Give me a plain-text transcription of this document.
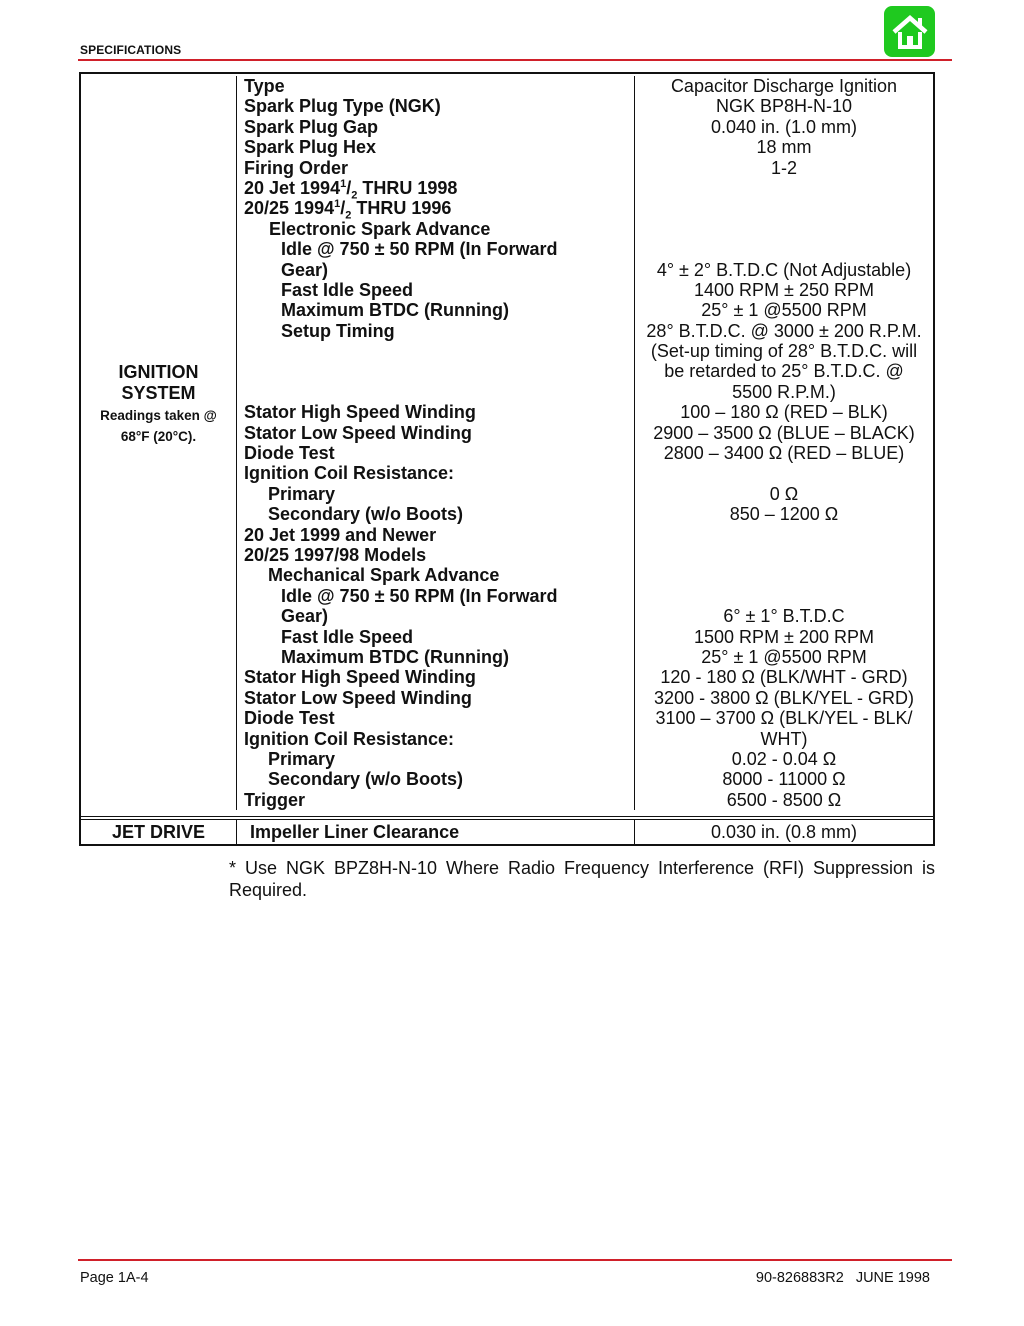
SPECIFICATIONS
IGNITION
SYSTEM
Readings taken @
68°F (20°C).
Type
Spark Plug Type (NGK)
Spark Plug Gap
Spark Plug Hex
Firing Order
20 Jet $1994^1/_2$ THRU 1998
20/25 $1994^1/_2$ THRU 1996
Electronic Spark Advance
Idle @ 750 ± 50 RPM (In Forward
Gear)
Fast Idle Speed
Maximum BTDC (Running)
Setup Timing
Stator High Speed Winding
Stator Low Speed Winding
Diode Test
Ignition Coil Resistance:
Primary
Secondary (w/o Boots)
20 Jet 1999 and Newer
20/25 1997/98 Models
Mechanical Spark Advance
Idle @ 750 ± 50 RPM (In Forward
Gear)
Fast Idle Speed
Maximum BTDC (Running)
Stator High Speed Winding
Stator Low Speed Winding
Diode Test
Ignition Coil Resistance:
Primary
Secondary (w/o Boots)
Trigger
Capacitor Discharge Ignition
NGK BP8H-N-10
0.040 in. (1.0 mm)
18 mm
1-2
4° ± 2° B.T.D.C (Not Adjustable)
1400 RPM ± 250 RPM
25° ± 1 @5500 RPM
28° B.T.D.C. @ 3000 ± 200 R.P.M.
(Set-up timing of 28° B.T.D.C. will
be retarded to 25° B.T.D.C. @
5500 R.P.M.)
100 – 180 Ω (RED – BLK)
2900 – 3500 Ω (BLUE – BLACK)
2800 – 3400 Ω (RED – BLUE)
0 Ω
850 – 1200 Ω
6° ± 1° B.T.D.C
1500 RPM ± 200 RPM
25° ± 1 @5500 RPM
120 - 180 Ω (BLK/WHT - GRD)
3200 - 3800 Ω (BLK/YEL - GRD)
3100 – 3700 Ω (BLK/YEL - BLK/
WHT)
0.02 - 0.04 Ω
8000 - 11000 Ω
6500 - 8500 Ω
JET DRIVE Impeller Liner Clearance	0.030 in. (0.8 mm)
* Use NGK BPZ8H-N-10 Where Radio Frequency Interference (RFI) Suppression is Required.
Page 1A-4	90-826883R2   JUNE 1998
